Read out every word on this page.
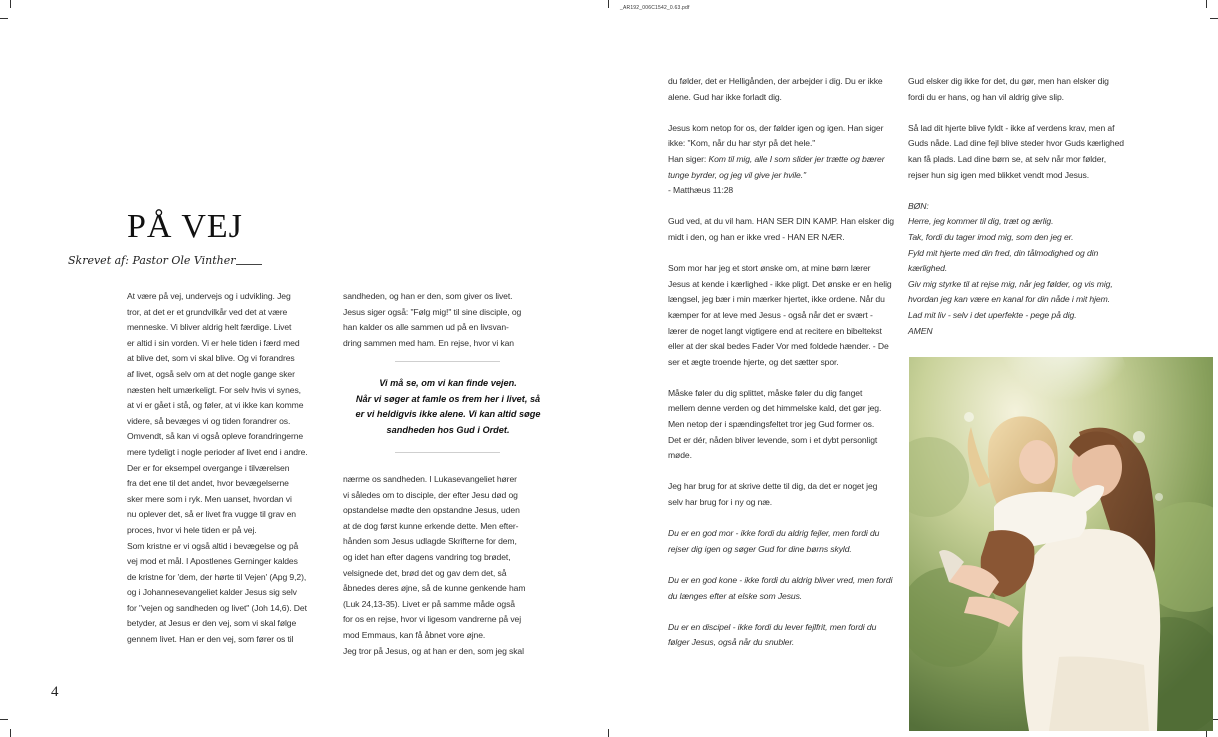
_AR192_006C1542_0.63.pdf
PÅ VEJ
Skrevet af: Pastor Ole Vinther

At være på vej, undervejs og i udvikling. Jeg

tror, at det er et grundvilkår ved det at være

menneske. Vi bliver aldrig helt færdige. Livet

er altid i sin vorden. Vi er hele tiden i færd med

at blive det, som vi skal blive. Og vi forandres

af livet, også selv om at det nogle gange sker

næsten helt umærkeligt. For selv hvis vi synes,

at vi er gået i stå, og føler, at vi ikke kan komme

videre, så bevæges vi og tiden forandrer os.

Omvendt, så kan vi også opleve forandringerne

mere tydeligt i nogle perioder af livet end i andre.

Der er for eksempel overgange i tilværelsen

fra det ene til det andet, hvor bevægelserne

sker mere som i ryk. Men uanset, hvordan vi

nu oplever det, så er livet fra vugge til grav en

proces, hvor vi hele tiden er på vej.

Som kristne er vi også altid i bevægelse og på

vej mod et mål. I Apostlenes Gerninger kaldes

de kristne for 'dem, der hørte til Vejen' (Apg 9,2),

og i Johannesevangeliet kalder Jesus sig selv

for "vejen og sandheden og livet" (Joh 14,6). Det

betyder, at Jesus er den vej, som vi skal følge

gennem livet. Han er den vej, som fører os til

sandheden, og han er den, som giver os livet.

Jesus siger også: "Følg mig!" til sine disciple, og

han kalder os alle sammen ud på en livsvan-

dring sammen med ham. En rejse, hvor vi kan

Vi må se, om vi kan finde vejen.
Når vi søger at famle os frem her i livet, så
er vi heldigvis ikke alene. Vi kan altid søge
sandheden hos Gud i Ordet.

nærme os sandheden. I Lukasevangeliet hører

vi således om to disciple, der efter Jesu død og

opstandelse mødte den opstandne Jesus, uden

at de dog først kunne erkende dette. Men efter-

hånden som Jesus udlagde Skrifterne for dem,

og idet han efter dagens vandring tog brødet,

velsignede det, brød det og gav dem det, så

åbnedes deres øjne, så de kunne genkende ham

(Luk 24,13-35). Livet er på samme måde også

for os en rejse, hvor vi ligesom vandrerne på vej

mod Emmaus, kan få åbnet vore øjne.

Jeg tror på Jesus, og at han er den, som jeg skal

4

du følder, det er Helligånden, der arbejder i dig. Du er ikke

alene. Gud har ikke forladt dig.

Jesus kom netop for os, der følder igen og igen. Han siger

ikke: "Kom, når du har styr på det hele."

Han siger: Kom til mig, alle I som slider jer trætte og bærer

tunge byrder, og jeg vil give jer hvile."

- Matthæus 11:28

Gud ved, at du vil ham. HAN SER DIN KAMP. Han elsker dig

midt i den, og han er ikke vred - HAN ER NÆR.

Som mor har jeg et stort ønske om, at mine børn lærer

Jesus at kende i kærlighed - ikke pligt. Det ønske er en helig

længsel, jeg bær i min mærker hjertet, ikke ordene. Når du

kæmper for at leve med Jesus - også når det er svært -

lærer de noget langt vigtigere end at recitere en bibeltekst

eller at der skal bedes Fader Vor med foldede hænder. - De

ser et ægte troende hjerte, og det sætter spor.

Måske føler du dig splittet, måske føler du dig fanget

mellem denne verden og det himmelske kald, det gør jeg.

Men netop der i spændingsfeltet tror jeg Gud former os.

Det er dér, nåden bliver levende, som i et dybt personligt

møde.

Jeg har brug for at skrive dette til dig, da det er noget jeg

selv har brug for i ny og næ.

Du er en god mor - ikke fordi du aldrig fejler, men fordi du

rejser dig igen og søger Gud for dine børns skyld.

Du er en god kone - ikke fordi du aldrig bliver vred, men fordi

du længes efter at elske som Jesus.

Du er en discipel - ikke fordi du lever fejlfrit, men fordi du

følger Jesus, også når du snubler.

Gud elsker dig ikke for det, du gør, men han elsker dig

fordi du er hans, og han vil aldrig give slip.

Så lad dit hjerte blive fyldt - ikke af verdens krav, men af

Guds nåde. Lad dine fejl blive steder hvor Guds kærlighed

kan få plads. Lad dine børn se, at selv når mor følder,

rejser hun sig igen med blikket vendt mod Jesus.

BØN:

Herre, jeg kommer til dig, træt og ærlig.

Tak, fordi du tager imod mig, som den jeg er.

Fyld mit hjerte med din fred, din tålmodighed og din

kærlighed.

Giv mig styrke til at rejse mig, når jeg følder, og vis mig,

hvordan jeg kan være en kanal for din nåde i mit hjem.

Lad mit liv - selv i det uperfekte - pege på dig.

AMEN
